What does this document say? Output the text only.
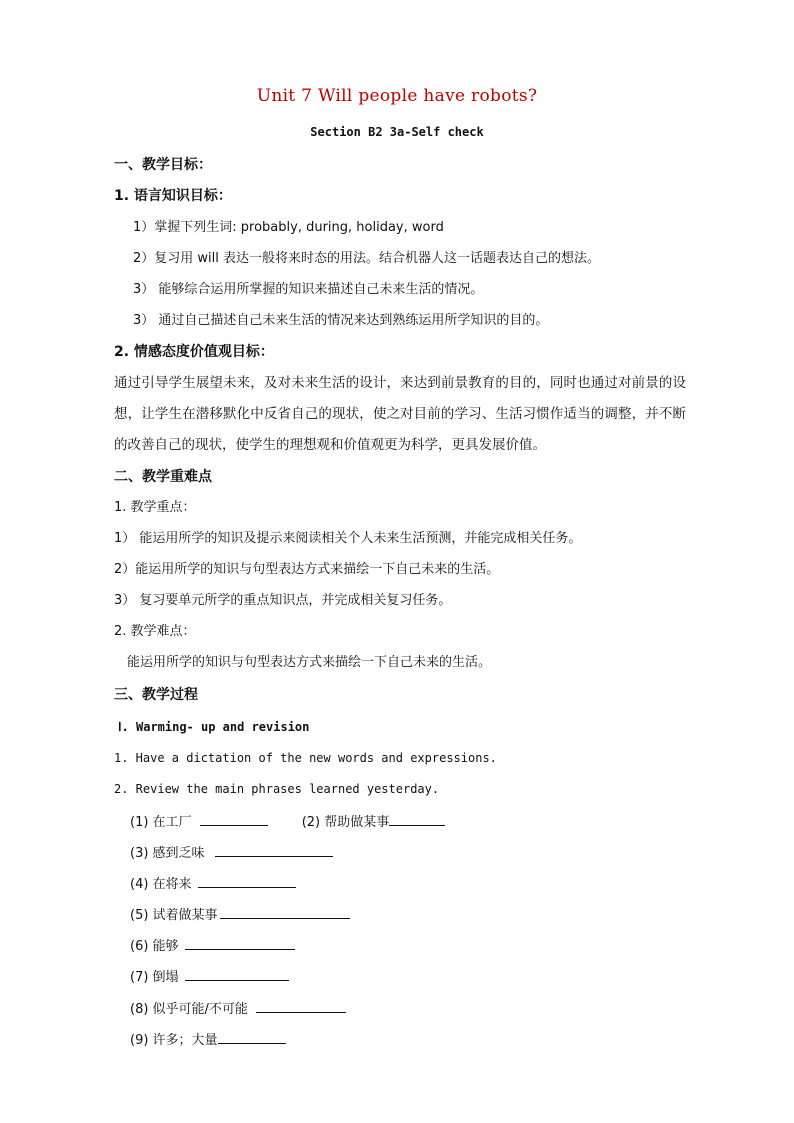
Unit 7 Will people have robots?
Section B2 3a-Self check
一、教学目标：
1. 语言知识目标：
1）掌握下列生词: probably, during, holiday, word
2）复习用 will 表达一般将来时态的用法。结合机器人这一话题表达自己的想法。
3） 能够综合运用所掌握的知识来描述自己未来生活的情况。
3） 通过自己描述自己未来生活的情况来达到熟练运用所学知识的目的。
2. 情感态度价值观目标：
通过引导学生展望未来，及对未来生活的设计，来达到前景教育的目的，同时也通过对前景的设想，让学生在潜移默化中反省自己的现状，使之对目前的学习、生活习惯作适当的调整，并不断的改善自己的现状，使学生的理想观和价值观更为科学，更具发展价值。
二、教学重难点
1. 教学重点：
1） 能运用所学的知识及提示来阅读相关个人未来生活预测，并能完成相关任务。
2）能运用所学的知识与句型表达方式来描绘一下自己未来的生活。
3） 复习要单元所学的重点知识点，并完成相关复习任务。
2. 教学难点：
能运用所学的知识与句型表达方式来描绘一下自己未来的生活。
三、教学过程
Ⅰ. Warming- up and revision
1. Have a dictation of the new words and expressions.
2. Review the main phrases learned yesterday.
(1) 在工厂	(2) 帮助做某事
(3) 感到乏味
(4) 在将来
(5) 试着做某事
(6) 能够
(7) 倒塌
(8) 似乎可能/不可能
(9) 许多；大量
